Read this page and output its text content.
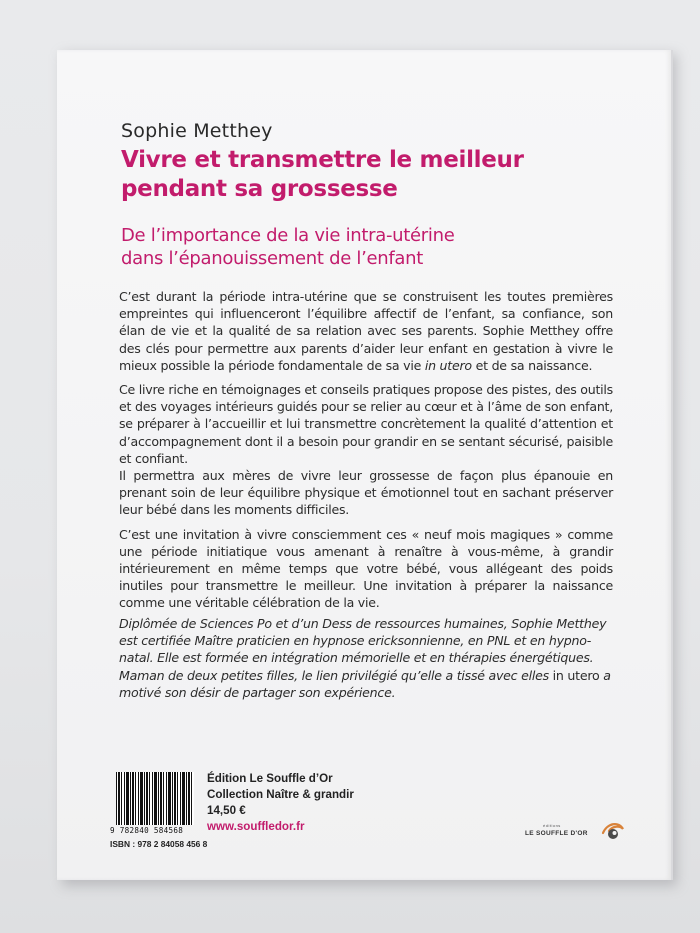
Sophie Metthey
Vivre et transmettre le meilleur
pendant sa grossesse
De l’importance de la vie intra-utérine
dans l’épanouissement de l’enfant

C’est durant la période intra-utérine que se construisent les toutes premières empreintes qui influenceront l’équilibre affectif de l’enfant, sa confiance, son élan de vie et la qualité de sa relation avec ses parents. Sophie Metthey offre des clés pour permettre aux parents d’aider leur enfant en gestation à vivre le mieux possible la période fondamentale de sa vie in utero et de sa naissance.

Ce livre riche en témoignages et conseils pratiques propose des pistes, des outils et des voyages intérieurs guidés pour se relier au cœur et à l’âme de son enfant, se préparer à l’accueillir et lui transmettre concrètement la qualité d’attention et d’accompagnement dont il a besoin pour grandir en se sentant sécurisé, paisible et confiant.

Il permettra aux mères de vivre leur grossesse de façon plus épanouie en prenant soin de leur équilibre physique et émotionnel tout en sachant préserver leur bébé dans les moments difficiles.

C’est une invitation à vivre consciemment ces « neuf mois magiques » comme une période initiatique vous amenant à renaître à vous-même, à grandir intérieurement en même temps que votre bébé, vous allégeant des poids inutiles pour transmettre le meilleur. Une invitation à préparer la naissance comme une véritable célébration de la vie.

Diplômée de Sciences Po et d’un Dess de ressources humaines, Sophie Metthey est certifiée Maître praticien en hypnose ericksonnienne, en PNL et en hypno-natal. Elle est formée en intégration mémorielle et en thérapies énergétiques.

Maman de deux petites filles, le lien privilégié qu’elle a tissé avec elles in utero a motivé son désir de partager son expérience.

9 782840 584568
ISBN : 978 2 84058 456 8
Édition Le Souffle d’Or
Collection Naître & grandir
14,50 €
www.souffledor.fr	éditions
LE SOUFFLE D'OR
